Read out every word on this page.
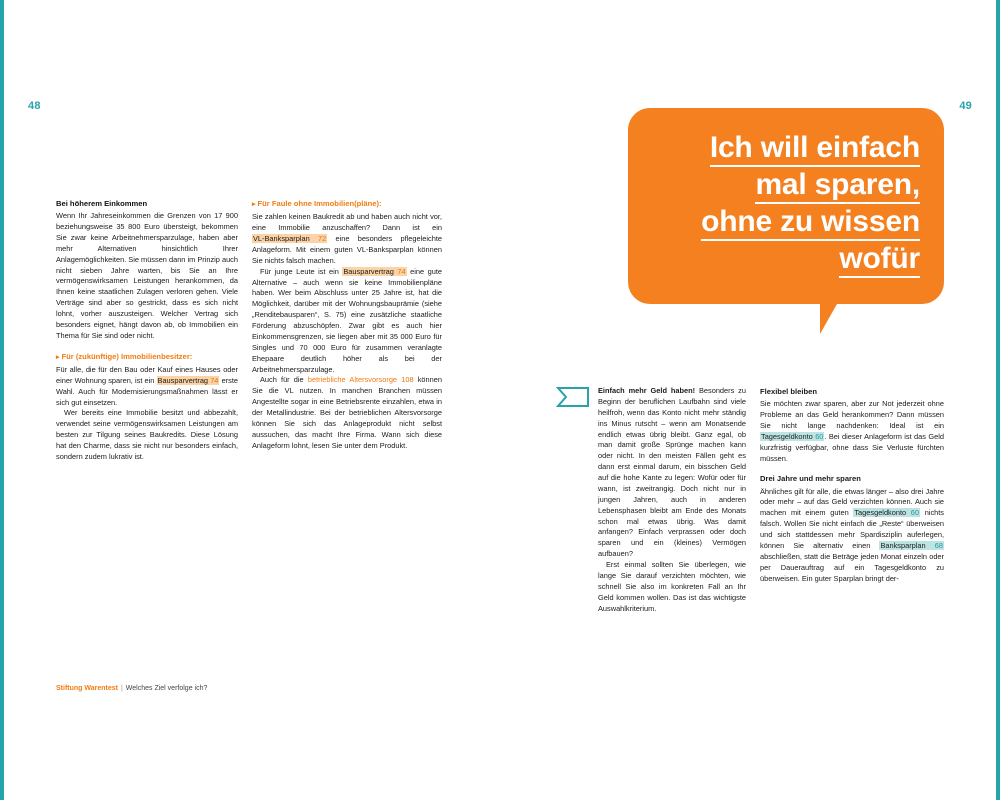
48	49
Bei höherem Einkommen

Wenn Ihr Jahreseinkommen die Grenzen von 17 900 beziehungsweise 35 800 Euro übersteigt, bekommen Sie zwar keine Arbeitnehmersparzulage, haben aber mehr Alternativen hinsichtlich Ihrer Anlagemöglichkeiten. Sie müssen dann im Prinzip auch nicht sieben Jahre warten, bis Sie an Ihre vermögenswirksamen Leistungen herankommen, da Ihnen keine staatlichen Zulagen verloren gehen. Viele Verträge sind aber so gestrickt, dass es sich nicht lohnt, vorher auszusteigen. Welcher Vertrag sich besonders eignet, hängt davon ab, ob Immobilien ein Thema für Sie sind oder nicht.

▸ Für (zukünftige) Immobilienbesitzer:

Für alle, die für den Bau oder Kauf eines Hauses oder einer Wohnung sparen, ist ein Bausparvertrag 74 erste Wahl. Auch für Modernisierungsmaßnahmen lässt er sich gut einsetzen.

Wer bereits eine Immobilie besitzt und abbezahlt, verwendet seine vermögenswirksamen Leistungen am besten zur Tilgung seines Baukredits. Diese Lösung hat den Charme, dass sie nicht nur besonders einfach, sondern zudem lukrativ ist.

▸ Für Faule ohne Immobilien(pläne):

Sie zahlen keinen Baukredit ab und haben auch nicht vor, eine Immobilie anzuschaffen? Dann ist ein VL-Banksparplan 72 eine besonders pflegeleichte Anlageform. Mit einem guten VL-Banksparplan können Sie nichts falsch machen.

Für junge Leute ist ein Bausparvertrag 74 eine gute Alternative – auch wenn sie keine Immobilienpläne haben. Wer beim Abschluss unter 25 Jahre ist, hat die Möglichkeit, darüber mit der Wohnungsbauprämie (siehe „Renditebausparen“, S. 75) eine zusätzliche staatliche Förderung abzuschöpfen. Zwar gibt es auch hier Einkommensgrenzen, sie liegen aber mit 35 000 Euro für Singles und 70 000 Euro für zusammen veranlagte Ehepaare deutlich höher als bei der Arbeitnehmersparzulage.

Auch für die betriebliche Altersvorsorge 108 können Sie die VL nutzen. In manchen Branchen müssen Angestellte sogar in eine Betriebsrente einzahlen, etwa in der Metallindustrie. Bei der betrieblichen Altersvorsorge können Sie sich das Anlageprodukt nicht selbst aussuchen, das macht Ihre Firma. Wann sich diese Anlageform lohnt, lesen Sie unter dem Produkt.

Stiftung Warentest | Welches Ziel verfolge ich?
Ich will einfach
mal sparen,
ohne zu wissen
wofür

Einfach mehr Geld haben! Besonders zu Beginn der beruflichen Laufbahn sind viele heilfroh, wenn das Konto nicht mehr ständig ins Minus rutscht – wenn am Monatsende endlich etwas übrig bleibt. Ganz egal, ob man damit große Sprünge machen kann oder nicht. In den meisten Fällen geht es dann erst einmal darum, ein bisschen Geld auf die hohe Kante zu legen: Wofür oder für wann, ist zweitrangig. Doch nicht nur in jungen Jahren, auch in anderen Lebensphasen bleibt am Ende des Monats schon mal etwas übrig. Was damit anfangen? Einfach verprassen oder doch sparen und ein (kleines) Vermögen aufbauen?

Erst einmal sollten Sie überlegen, wie lange Sie darauf verzichten möchten, wie schnell Sie also im konkreten Fall an Ihr Geld kommen wollen. Das ist das wichtigste Auswahlkriterium.

Flexibel bleiben

Sie möchten zwar sparen, aber zur Not jederzeit ohne Probleme an das Geld herankommen? Dann müssen Sie nicht lange nachdenken: Ideal ist ein Tagesgeldkonto 60. Bei dieser Anlageform ist das Geld kurzfristig verfügbar, ohne dass Sie Verluste fürchten müssen.

Drei Jahre und mehr sparen

Ähnliches gilt für alle, die etwas länger – also drei Jahre oder mehr – auf das Geld verzichten können. Auch sie machen mit einem guten Tagesgeldkonto 60 nichts falsch. Wollen Sie nicht einfach die „Reste“ überweisen und sich stattdessen mehr Spardisziplin auferlegen, können Sie alternativ einen Banksparplan 68 abschließen, statt die Beträge jeden Monat einzeln oder per Dauerauftrag auf ein Tagesgeldkonto zu überweisen. Ein guter Sparplan bringt der-
